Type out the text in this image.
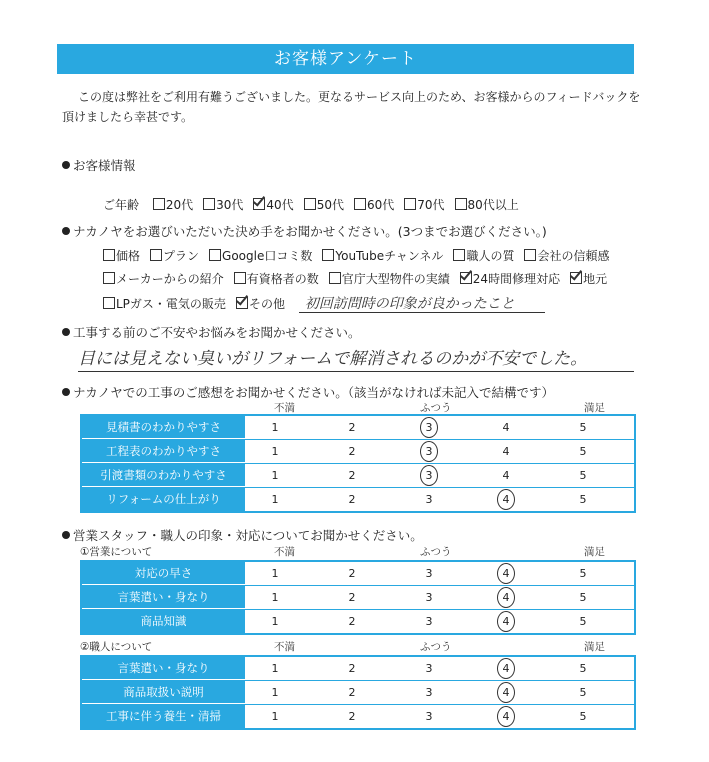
お客様アンケート
この度は弊社をご利用有難うございました。更なるサービス向上のため、お客様からのフィードバックを
頂けましたら幸甚です。
お客様情報
ご年齢 20代 30代 40代 50代 60代 70代 80代以上
ナカノヤをお選びいただいた決め手をお聞かせください。(3つまでお選びください。)
価格 プラン Google口コミ数 YouTubeチャンネル 職人の質 会社の信頼感
メーカーからの紹介 有資格者の数 官庁大型物件の実績 24時間修理対応 地元
LPガス・電気の販売 その他 初回訪問時の印象が良かったこと
工事する前のご不安やお悩みをお聞かせください。
目には見えない臭いがリフォームで解消されるのかが不安でした。
ナカノヤでの工事のご感想をお聞かせください。（該当がなければ未記入で結構です）
不満	ふつう	満足
見積書のわかりやすさ	1	2	3	4	5
工程表のわかりやすさ	1	2	3	4	5
引渡書類のわかりやすさ	1	2	3	4	5
リフォームの仕上がり	1	2	3	4	5
営業スタッフ・職人の印象・対応についてお聞かせください。
①営業について	不満	ふつう	満足
対応の早さ	1	2	3	4	5
言葉遣い・身なり	1	2	3	4	5
商品知識	1	2	3	4	5
②職人について	不満	ふつう	満足
言葉遣い・身なり	1	2	3	4	5
商品取扱い説明	1	2	3	4	5
工事に伴う養生・清掃	1	2	3	4	5
